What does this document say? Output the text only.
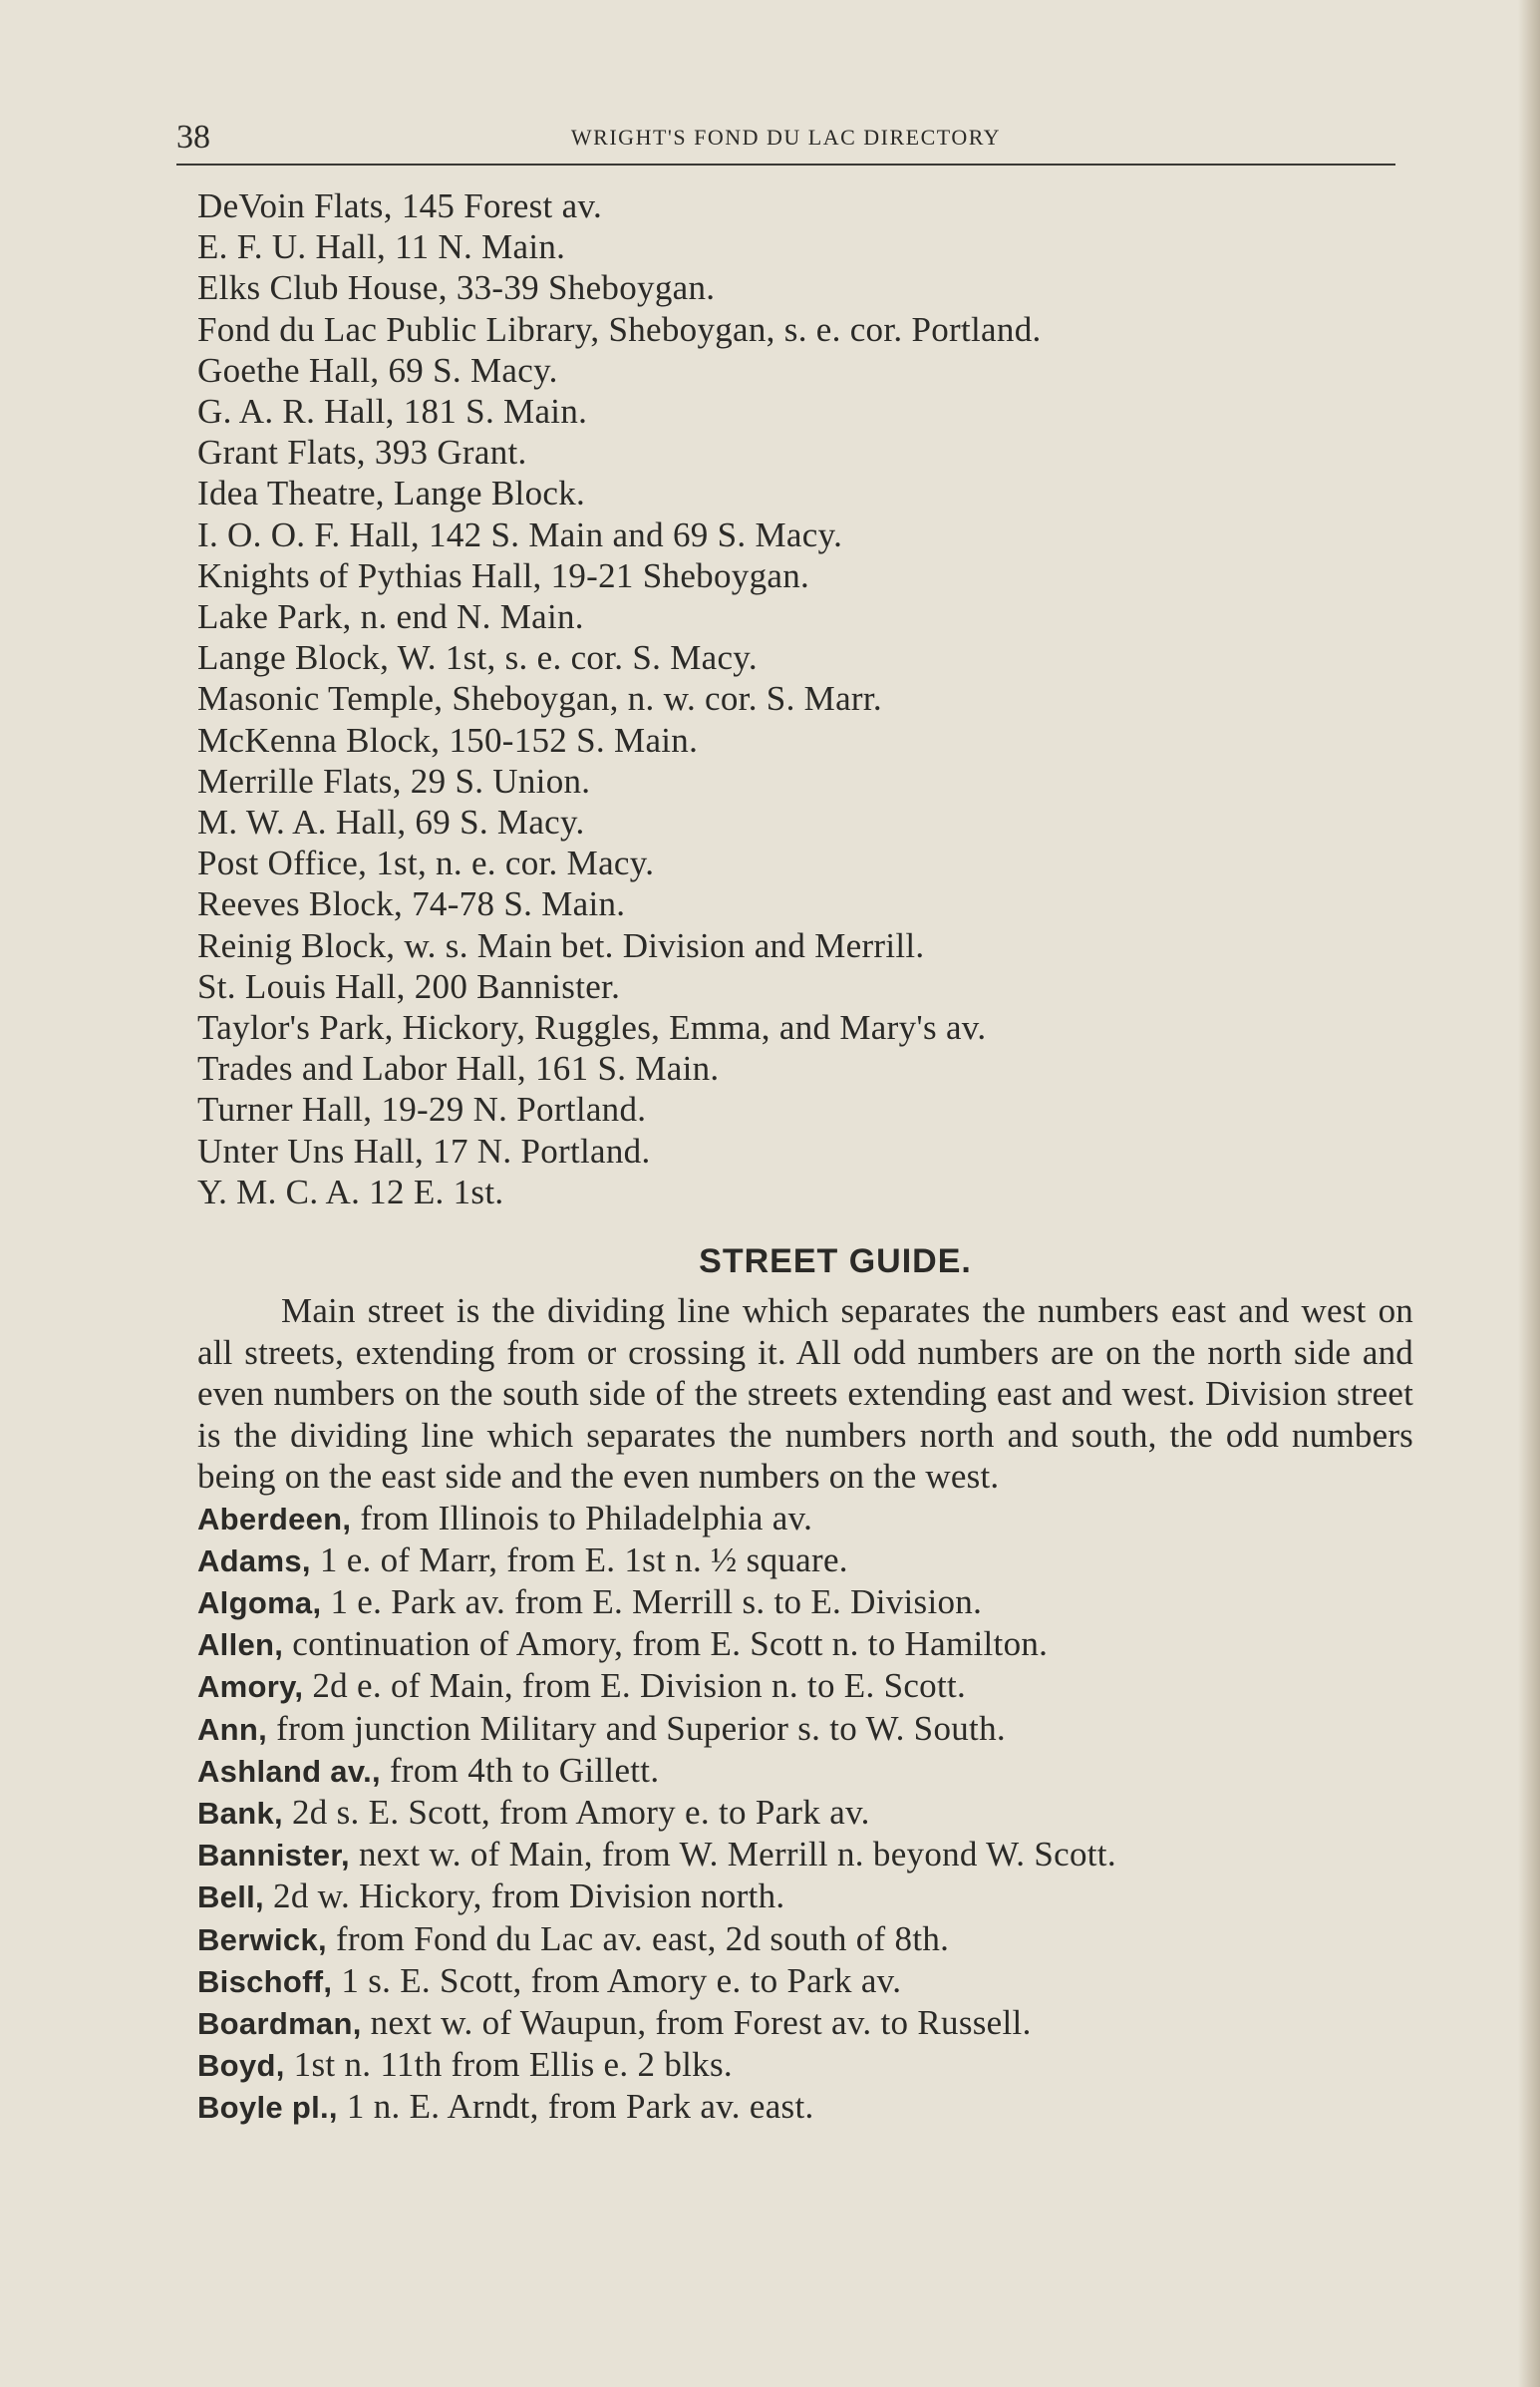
38	WRIGHT'S FOND DU LAC DIRECTORY
DeVoin Flats, 145 Forest av.
E. F. U. Hall, 11 N. Main.
Elks Club House, 33-39 Sheboygan.
Fond du Lac Public Library, Sheboygan, s. e. cor. Portland.
Goethe Hall, 69 S. Macy.
G. A. R. Hall, 181 S. Main.
Grant Flats, 393 Grant.
Idea Theatre, Lange Block.
I. O. O. F. Hall, 142 S. Main and 69 S. Macy.
Knights of Pythias Hall, 19-21 Sheboygan.
Lake Park, n. end N. Main.
Lange Block, W. 1st, s. e. cor. S. Macy.
Masonic Temple, Sheboygan, n. w. cor. S. Marr.
McKenna Block, 150-152 S. Main.
Merrille Flats, 29 S. Union.
M. W. A. Hall, 69 S. Macy.
Post Office, 1st, n. e. cor. Macy.
Reeves Block, 74-78 S. Main.
Reinig Block, w. s. Main bet. Division and Merrill.
St. Louis Hall, 200 Bannister.
Taylor's Park, Hickory, Ruggles, Emma, and Mary's av.
Trades and Labor Hall, 161 S. Main.
Turner Hall, 19-29 N. Portland.
Unter Uns Hall, 17 N. Portland.
Y. M. C. A. 12 E. 1st.
STREET GUIDE.

Main street is the dividing line which separates the numbers east and west on all streets, extending from or crossing it. All odd numbers are on the north side and even numbers on the south side of the streets extending east and west. Division street is the dividing line which separates the numbers north and south, the odd numbers being on the east side and the even numbers on the west.

Aberdeen, from Illinois to Philadelphia av.
Adams, 1 e. of Marr, from E. 1st n. ½ square.
Algoma, 1 e. Park av. from E. Merrill s. to E. Division.
Allen, continuation of Amory, from E. Scott n. to Hamilton.
Amory, 2d e. of Main, from E. Division n. to E. Scott.
Ann, from junction Military and Superior s. to W. South.
Ashland av., from 4th to Gillett.
Bank, 2d s. E. Scott, from Amory e. to Park av.
Bannister, next w. of Main, from W. Merrill n. beyond W. Scott.
Bell, 2d w. Hickory, from Division north.
Berwick, from Fond du Lac av. east, 2d south of 8th.
Bischoff, 1 s. E. Scott, from Amory e. to Park av.
Boardman, next w. of Waupun, from Forest av. to Russell.
Boyd, 1st n. 11th from Ellis e. 2 blks.
Boyle pl., 1 n. E. Arndt, from Park av. east.
